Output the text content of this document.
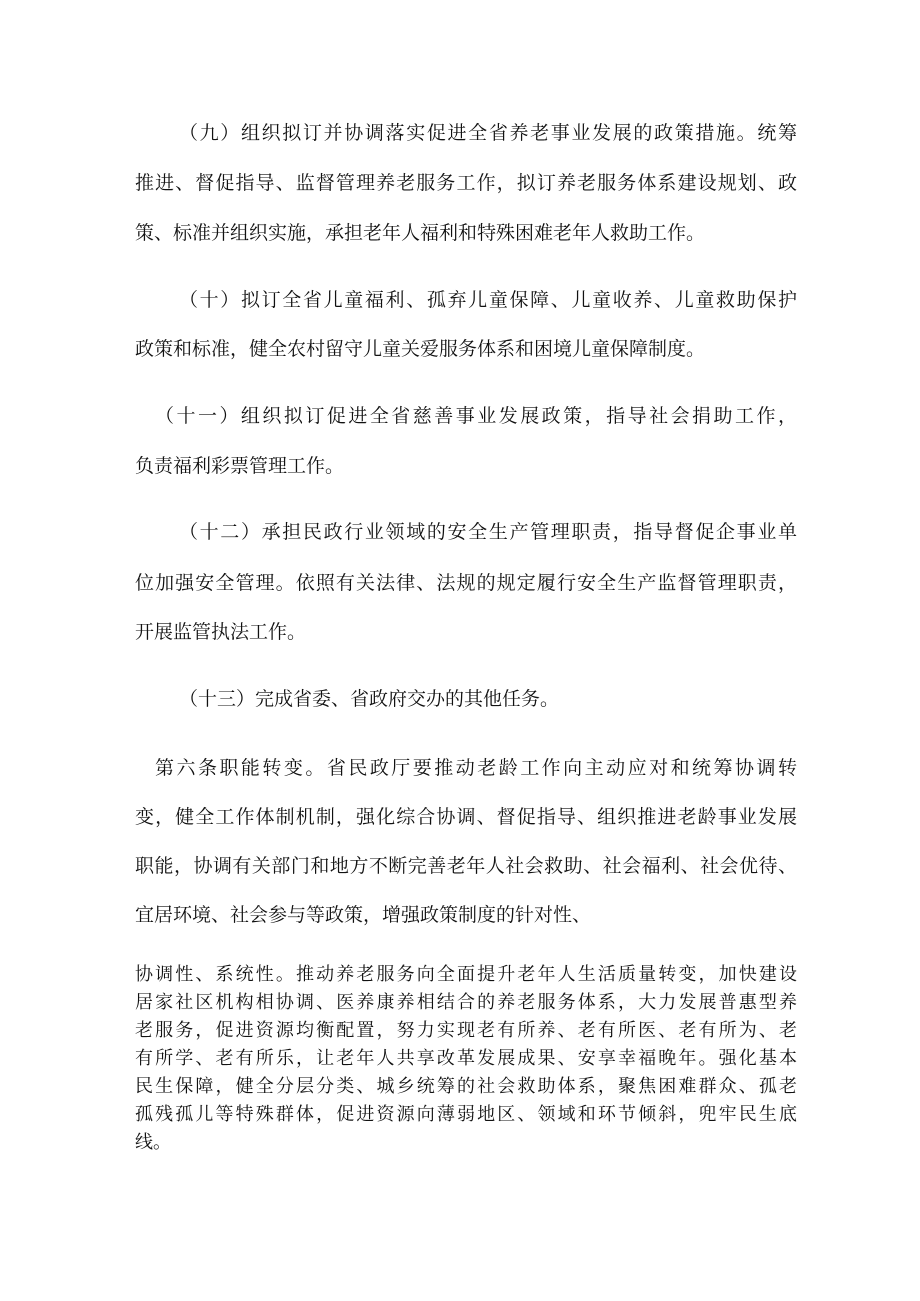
（九）组织拟订并协调落实促进全省养老事业发展的政策措施。统筹

推进、督促指导、监督管理养老服务工作，拟订养老服务体系建设规划、政

策、标准并组织实施，承担老年人福利和特殊困难老年人救助工作。

（十）拟订全省儿童福利、孤弃儿童保障、儿童收养、儿童救助保护

政策和标准，健全农村留守儿童关爱服务体系和困境儿童保障制度。

（十一）组织拟订促进全省慈善事业发展政策，指导社会捐助工作，

负责福利彩票管理工作。

（十二）承担民政行业领域的安全生产管理职责，指导督促企事业单

位加强安全管理。依照有关法律、法规的规定履行安全生产监督管理职责，

开展监管执法工作。

（十三）完成省委、省政府交办的其他任务。

第六条职能转变。省民政厅要推动老龄工作向主动应对和统筹协调转

变，健全工作体制机制，强化综合协调、督促指导、组织推进老龄事业发展

职能，协调有关部门和地方不断完善老年人社会救助、社会福利、社会优待、

宜居环境、社会参与等政策，增强政策制度的针对性、

协调性、系统性。推动养老服务向全面提升老年人生活质量转变，加快建设

居家社区机构相协调、医养康养相结合的养老服务体系，大力发展普惠型养

老服务，促进资源均衡配置，努力实现老有所养、老有所医、老有所为、老

有所学、老有所乐，让老年人共享改革发展成果、安享幸福晚年。强化基本

民生保障，健全分层分类、城乡统筹的社会救助体系，聚焦困难群众、孤老

孤残孤儿等特殊群体，促进资源向薄弱地区、领域和环节倾斜，兜牢民生底

线。
